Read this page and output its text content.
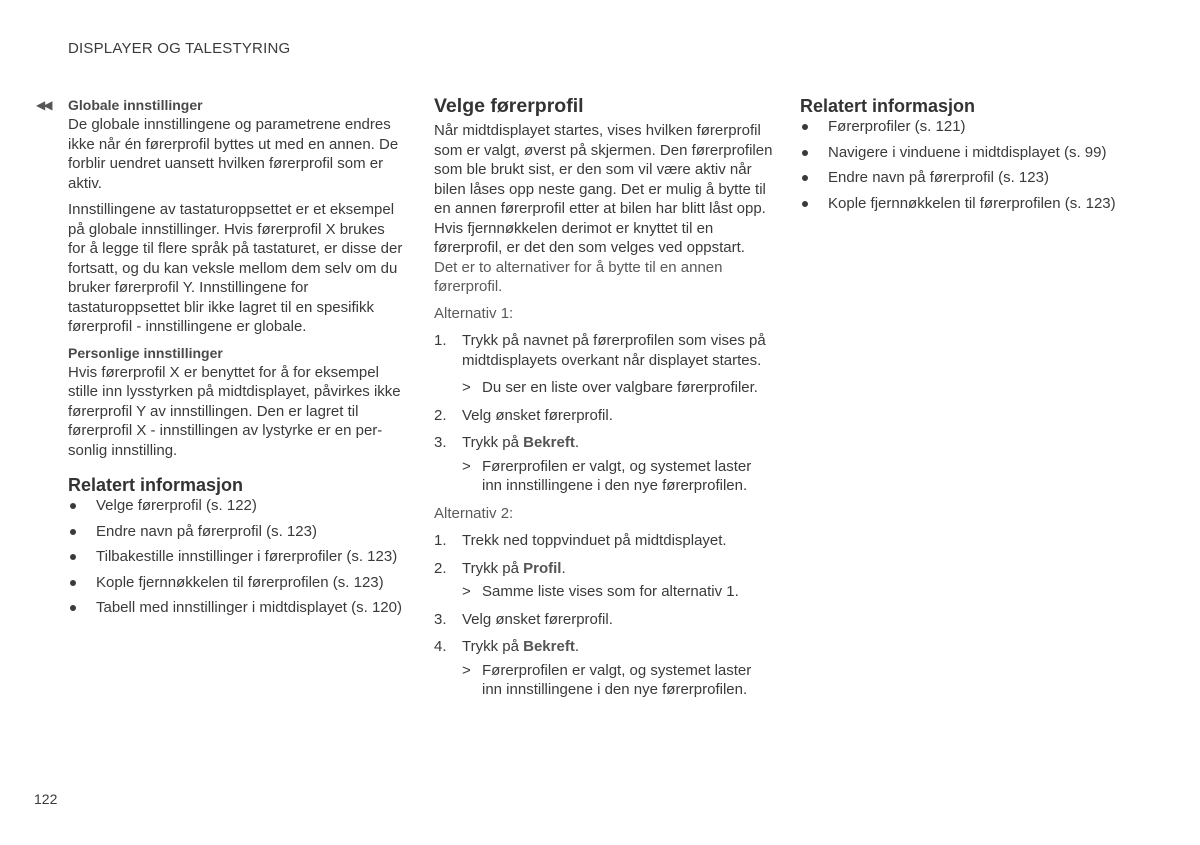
DISPLAYER OG TALESTYRING
◀◀ Globale innstillinger

De globale innstillingene og parametrene endres ikke når én førerprofil byttes ut med en annen. De forblir uendret uansett hvilken førerprofil som er aktiv.

Innstillingene av tastaturoppsettet er et eksempel på globale innstillinger. Hvis førerprofil X brukes for å legge til flere språk på tastaturet, er disse der fortsatt, og du kan veksle mellom dem selv om du bruker førerprofil Y. Innstillingene for tastaturoppsettet blir ikke lagret til en spesifikk førerprofil - innstillingene er globale.

Personlige innstillinger

Hvis førerprofil X er benyttet for å for eksempel stille inn lysstyrken på midtdisplayet, påvirkes ikke førerprofil Y av innstillingen. Den er lagret til førerprofil X - innstillingen av lystyrke er en personlig innstilling.

Relatert informasjon
Velge førerprofil (s. 122)
Endre navn på førerprofil (s. 123)
Tilbakestille innstillinger i førerprofiler (s. 123)
Kople fjernnøkkelen til førerprofilen (s. 123)
Tabell med innstillinger i midtdisplayet (s. 120)
Velge førerprofil

Når midtdisplayet startes, vises hvilken førerprofil som er valgt, øverst på skjermen. Den førerprofilen som ble brukt sist, er den som vil være aktiv når bilen låses opp neste gang. Det er mulig å bytte til en annen førerprofil etter at bilen har blitt låst opp. Hvis fjernnøkkelen derimot er knyttet til en førerprofil, er det den som velges ved oppstart.

Det er to alternativer for å bytte til en annen førerprofil.

Alternativ 1:

1. Trykk på navnet på førerprofilen som vises på midtdisplayets overkant når displayet startes.
> Du ser en liste over valgbare førerprofiler.
2. Velg ønsket førerprofil.
3. Trykk på Bekreft.
> Førerprofilen er valgt, og systemet laster inn innstillingene i den nye førerprofilen.

Alternativ 2:

1. Trekk ned toppvinduet på midtdisplayet.
2. Trykk på Profil.
> Samme liste vises som for alternativ 1.
3. Velg ønsket førerprofil.
4. Trykk på Bekreft.
> Førerprofilen er valgt, og systemet laster inn innstillingene i den nye førerprofilen.
Relatert informasjon
Førerprofiler (s. 121)
Navigere i vinduene i midtdisplayet (s. 99)
Endre navn på førerprofil (s. 123)
Kople fjernnøkkelen til førerprofilen (s. 123)
122
